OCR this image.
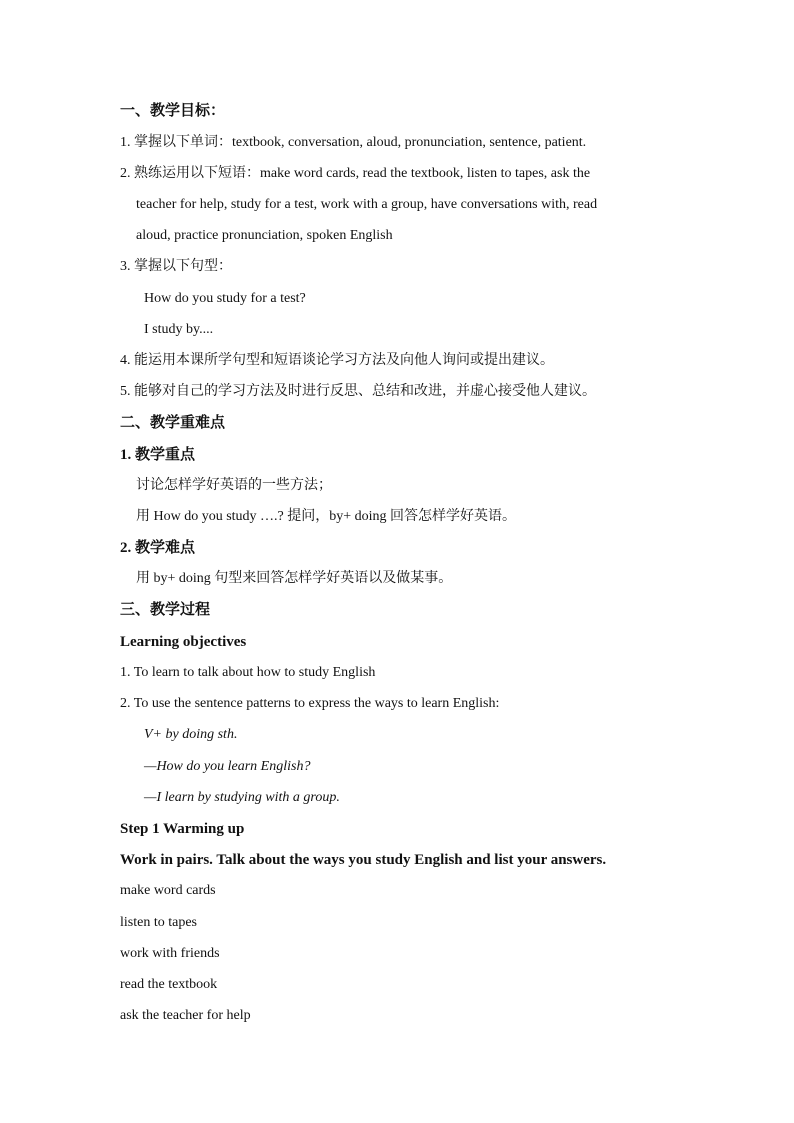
一、教学目标：
1. 掌握以下单词：textbook, conversation, aloud, pronunciation, sentence, patient.
2. 熟练运用以下短语：make word cards, read the textbook, listen to tapes, ask the
teacher for help, study for a test, work with a group, have conversations with, read
aloud, practice pronunciation, spoken English
3. 掌握以下句型：
How do you study for a test?
I study by....
4. 能运用本课所学句型和短语谈论学习方法及向他人询问或提出建议。
5. 能够对自己的学习方法及时进行反思、总结和改进，并虚心接受他人建议。
二、教学重难点
1. 教学重点
讨论怎样学好英语的一些方法；
用 How do you study ….? 提问，by+ doing 回答怎样学好英语。
2. 教学难点
用 by+ doing 句型来回答怎样学好英语以及做某事。
三、教学过程
Learning objectives
1. To learn to talk about how to study English
2. To use the sentence patterns to express the ways to learn English:
V+ by doing sth.
—How do you learn English?
—I learn by studying with a group.
Step 1 Warming up
Work in pairs. Talk about the ways you study English and list your answers.
make word cards
listen to tapes
work with friends
read the textbook
ask the teacher for help
